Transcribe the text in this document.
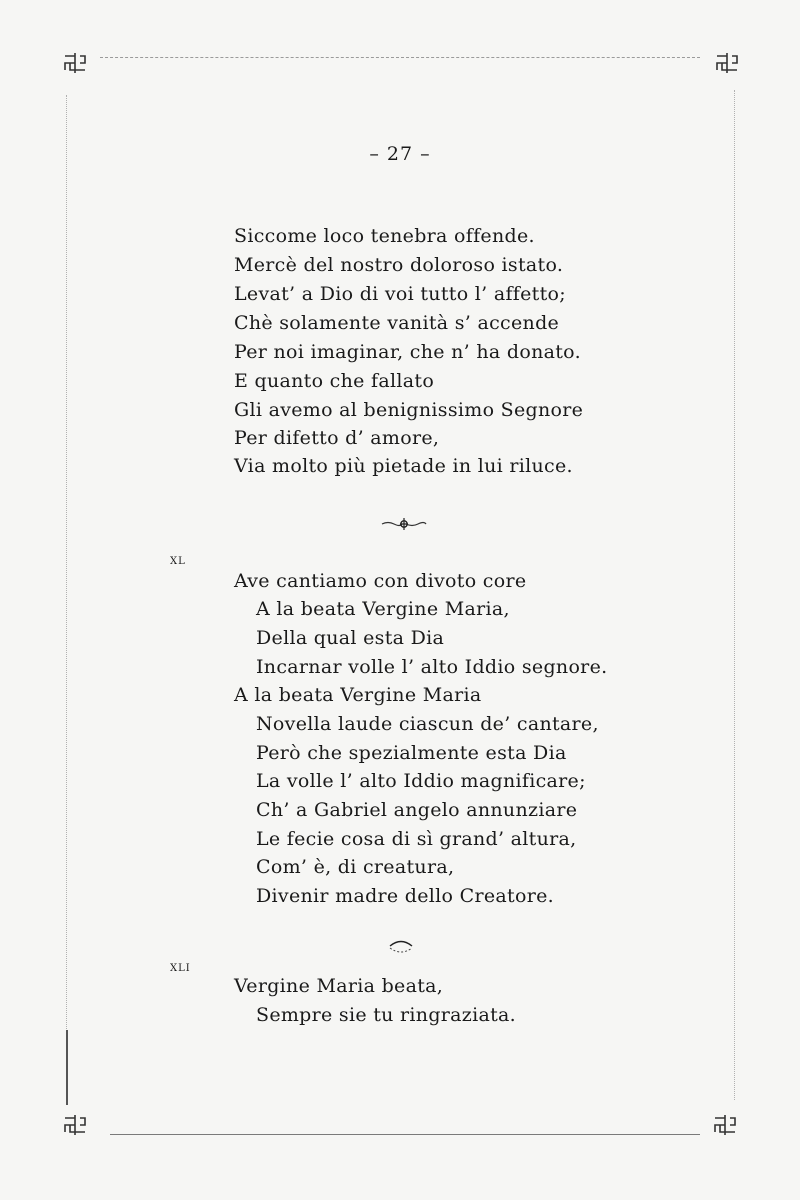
– 27 –
Siccome loco tenebra offende.
Mercè del nostro doloroso istato.
Levat’ a Dio di voi tutto l’ affetto;
Chè solamente vanità s’ accende
Per noi imaginar, che n’ ha donato.
E quanto che fallato
Gli avemo al benignissimo Segnore
Per difetto d’ amore,
Via molto più pietade in lui riluce.
XL
Ave cantiamo con divoto core
A la beata Vergine Maria,
Della qual esta Dia
Incarnar volle l’ alto Iddio segnore.
A la beata Vergine Maria
Novella laude ciascun de’ cantare,
Però che spezialmente esta Dia
La volle l’ alto Iddio magnificare;
Ch’ a Gabriel angelo annunziare
Le fecie cosa di sì grand’ altura,
Com’ è, di creatura,
Divenir madre dello Creatore.
XLI
Vergine Maria beata,
Sempre sie tu ringraziata.
